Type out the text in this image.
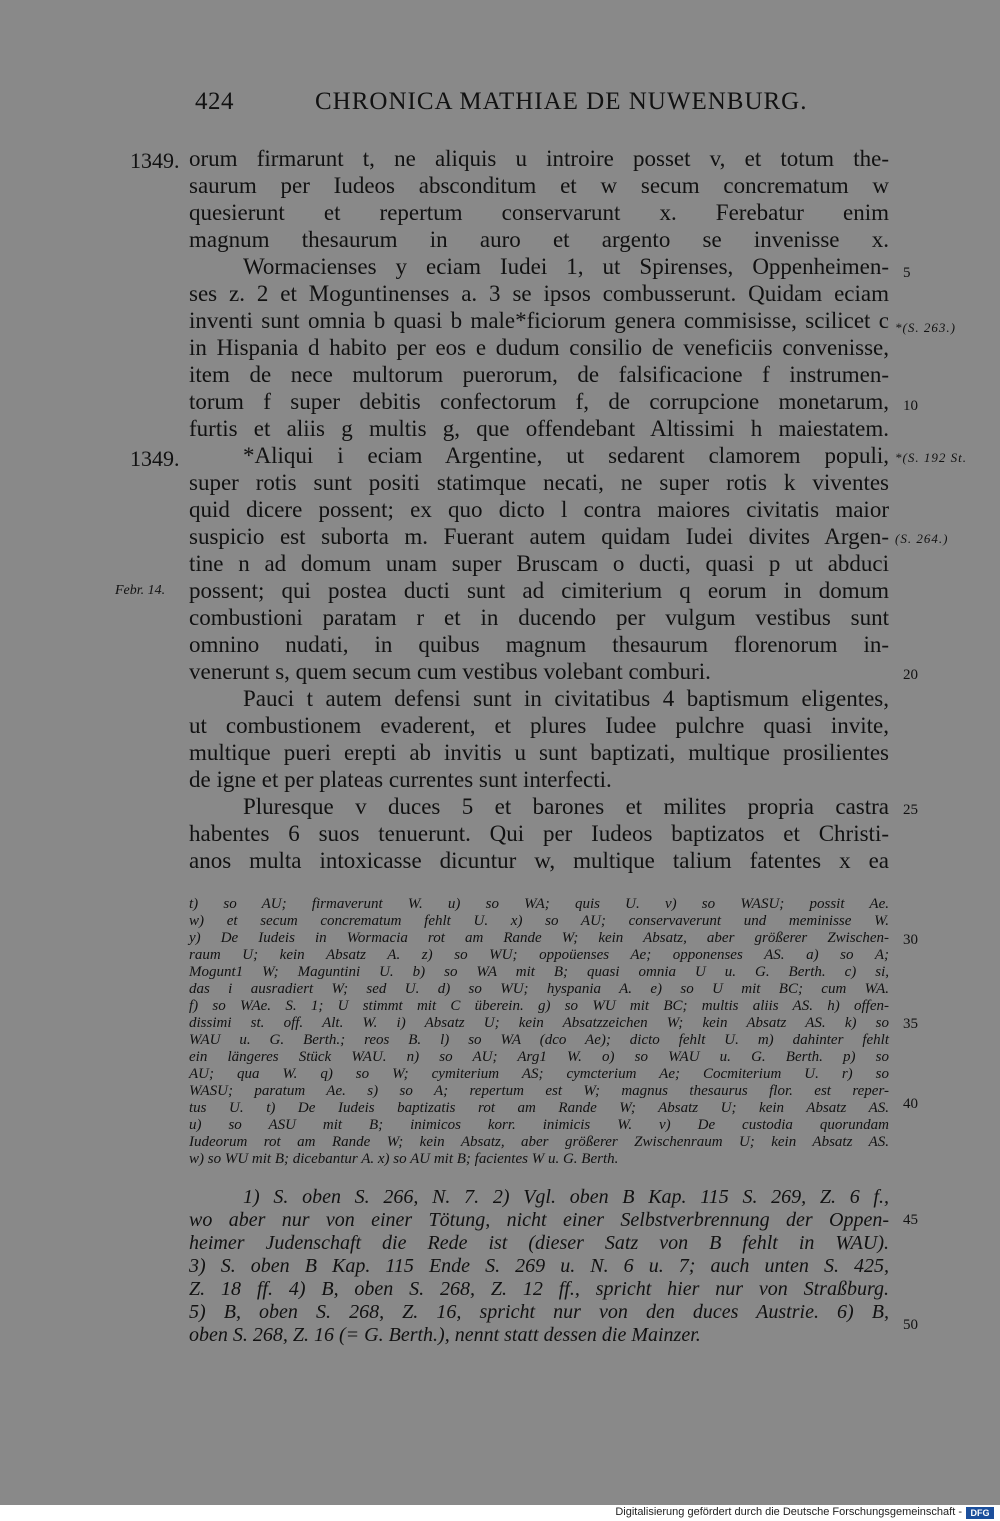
424	CHRONICA MATHIAE DE NUWENBURG.
1349.
1349.
Febr. 14.
*(S. 263.)
*(S. 192 St.
(S. 264.)
5
10
20
25
30
35
40
45
50
orum firmarunt t, ne aliquis u introire posset v, et totum the-
saurum per Iudeos absconditum et w secum concrematum w
quesierunt et repertum conservarunt x. Ferebatur enim
magnum thesaurum in auro et argento se invenisse x.
Wormacienses y eciam Iudei 1, ut Spirenses, Oppenheimen-
ses z. 2 et Moguntinenses a. 3 se ipsos combusserunt. Quidam eciam
inventi sunt omnia b quasi b male*ficiorum genera commisisse, scilicet c
in Hispania d habito per eos e dudum consilio de veneficiis convenisse,
item de nece multorum puerorum, de falsificacione f instrumen-
torum f super debitis confectorum f, de corrupcione monetarum,
furtis et aliis g multis g, que offendebant Altissimi h maiestatem.
*Aliqui i eciam Argentine, ut sedarent clamorem populi,
super rotis sunt positi statimque necati, ne super rotis k viventes
quid dicere possent; ex quo dicto l contra maiores civitatis maior
suspicio est suborta m. Fuerant autem quidam Iudei divites Argen-
tine n ad domum unam super Bruscam o ducti, quasi p ut abduci
possent; qui postea ducti sunt ad cimiterium q eorum in domum
combustioni paratam r et in ducendo per vulgum vestibus sunt
omnino nudati, in quibus magnum thesaurum florenorum in-
venerunt s, quem secum cum vestibus volebant comburi.
Pauci t autem defensi sunt in civitatibus 4 baptismum eligentes,
ut combustionem evaderent, et plures Iudee pulchre quasi invite,
multique pueri erepti ab invitis u sunt baptizati, multique prosilientes
de igne et per plateas currentes sunt interfecti.
Pluresque v duces 5 et barones et milites propria castra
habentes 6 suos tenuerunt. Qui per Iudeos baptizatos et Christi-
anos multa intoxicasse dicuntur w, multique talium fatentes x ea
t) so AU; firmaverunt W. u) so WA; quis U. v) so WASU; possit Ae.
w) et secum concrematum fehlt U. x) so AU; conservaverunt und meminisse W.
y) De Iudeis in Wormacia rot am Rande W; kein Absatz, aber größerer Zwischen-
raum U; kein Absatz A. z) so WU; oppoüenses Ae; opponenses AS. a) so A;
Mogunt1 W; Maguntini U. b) so WA mit B; quasi omnia U u. G. Berth. c) si,
das i ausradiert W; sed U. d) so WU; hyspania A. e) so U mit BC; cum WA.
f) so WAe. S. 1; U stimmt mit C überein. g) so WU mit BC; multis aliis AS. h) offen-
dissimi st. off. Alt. W. i) Absatz U; kein Absatzzeichen W; kein Absatz AS. k) so
WAU u. G. Berth.; reos B. l) so WA (dco Ae); dicto fehlt U. m) dahinter fehlt
ein längeres Stück WAU. n) so AU; Arg1 W. o) so WAU u. G. Berth. p) so
AU; qua W. q) so W; cymiterium AS; cymcterium Ae; Cocmiterium U. r) so
WASU; paratum Ae. s) so A; repertum est W; magnus thesaurus flor. est reper-
tus U. t) De Iudeis baptizatis rot am Rande W; Absatz U; kein Absatz AS.
u) so ASU mit B; inimicos korr. inimicis W. v) De custodia quorundam
Iudeorum rot am Rande W; kein Absatz, aber größerer Zwischenraum U; kein Absatz AS.
w) so WU mit B; dicebantur A. x) so AU mit B; facientes W u. G. Berth.
1) S. oben S. 266, N. 7. 2) Vgl. oben B Kap. 115 S. 269, Z. 6 f.,
wo aber nur von einer Tötung, nicht einer Selbstverbrennung der Oppen-
heimer Judenschaft die Rede ist (dieser Satz von B fehlt in WAU).
3) S. oben B Kap. 115 Ende S. 269 u. N. 6 u. 7; auch unten S. 425,
Z. 18 ff. 4) B, oben S. 268, Z. 12 ff., spricht hier nur von Straßburg.
5) B, oben S. 268, Z. 16, spricht nur von den duces Austrie. 6) B,
oben S. 268, Z. 16 (= G. Berth.), nennt statt dessen die Mainzer.
Digitalisierung gefördert durch die Deutsche Forschungsgemeinschaft - DFG
